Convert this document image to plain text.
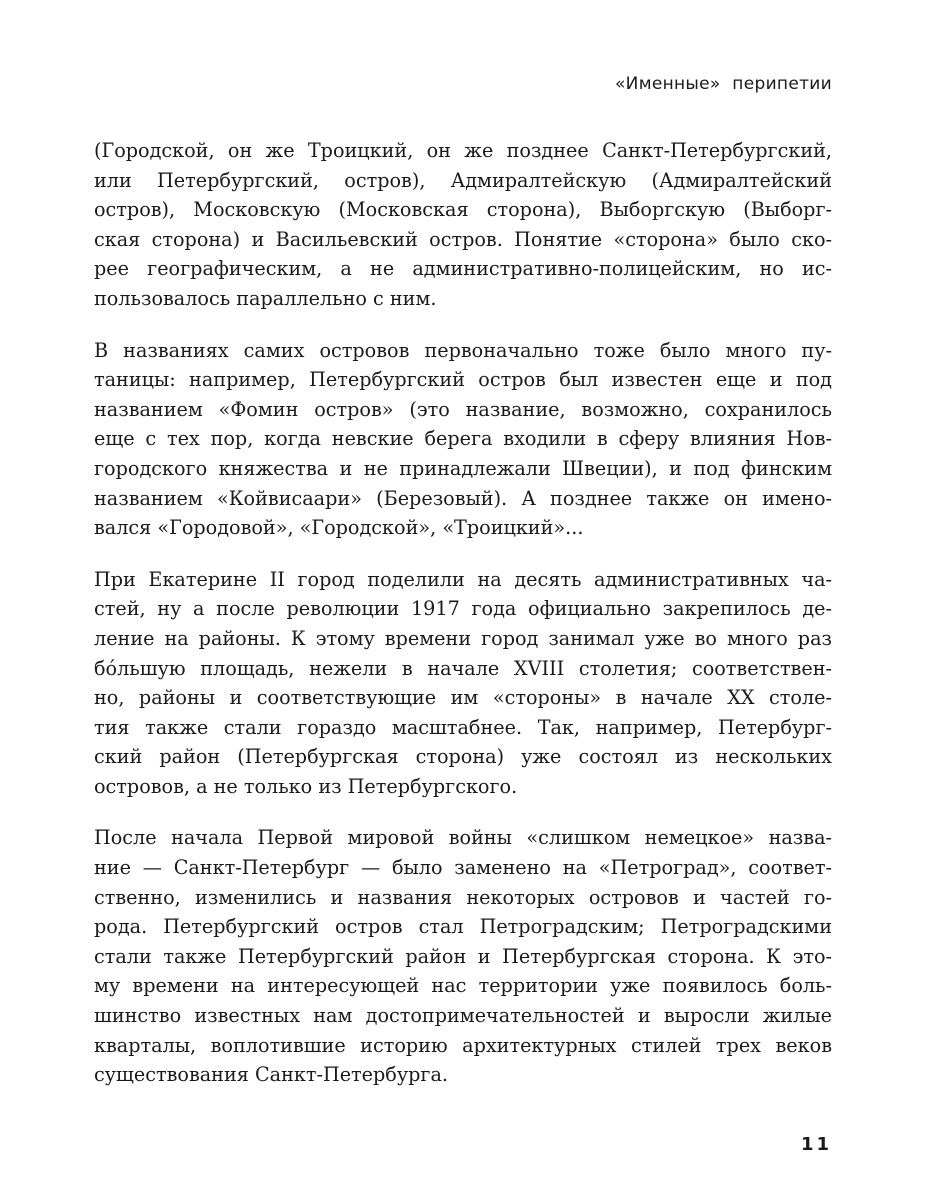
«Именные» перипетии
(Городской, он же Троицкий, он же позднее Санкт-Петербургский,
или Петербургский, остров), Адмиралтейскую (Адмиралтейский
остров), Московскую (Московская сторона), Выборгскую (Выборг-
ская сторона) и Васильевский остров. Понятие «сторона» было ско-
рее географическим, а не административно-полицейским, но ис-
пользовалось параллельно с ним.
В названиях самих островов первоначально тоже было много пу-
таницы: например, Петербургский остров был известен еще и под
названием «Фомин остров» (это название, возможно, сохранилось
еще с тех пор, когда невские берега входили в сферу влияния Нов-
городского княжества и не принадлежали Швеции), и под финским
названием «Койвисаари» (Березовый). А позднее также он имено-
вался «Городовой», «Городской», «Троицкий»...
При Екатерине II город поделили на десять административных ча-
стей, ну а после революции 1917 года официально закрепилось де-
ление на районы. К этому времени город занимал уже во много раз
бóльшую площадь, нежели в начале XVIII столетия; соответствен-
но, районы и соответствующие им «стороны» в начале XX столе-
тия также стали гораздо масштабнее. Так, например, Петербург-
ский район (Петербургская сторона) уже состоял из нескольких
островов, а не только из Петербургского.
После начала Первой мировой войны «слишком немецкое» назва-
ние — Санкт-Петербург — было заменено на «Петроград», соответ-
ственно, изменились и названия некоторых островов и частей го-
рода. Петербургский остров стал Петроградским; Петроградскими
стали также Петербургский район и Петербургская сторона. К это-
му времени на интересующей нас территории уже появилось боль-
шинство известных нам достопримечательностей и выросли жилые
кварталы, воплотившие историю архитектурных стилей трех веков
существования Санкт-Петербурга.
11
